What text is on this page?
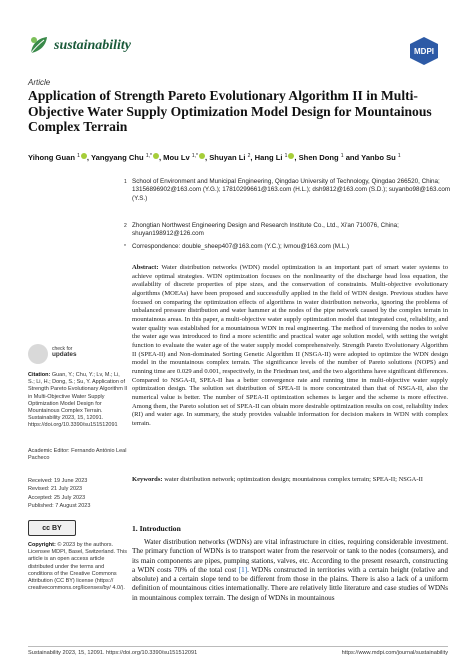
sustainability	MDPI
Article
Application of Strength Pareto Evolutionary Algorithm II in Multi-Objective Water Supply Optimization Model Design for Mountainous Complex Terrain
Yihong Guan $^1$ , Yangyang Chu $^{1,*}$ , Mou Lv $^{1,*}$ , Shuyan Li $^2$, Hang Li $^1$ , Shen Dong $^1$ and Yanbo Su $^1$
1 School of Environment and Municipal Engineering, Qingdao University of Technology, Qingdao 266520, China; 13156896902@163.com (Y.G.); 17810299661@163.com (H.L.); dsh9812@163.com (S.D.); suyanbo98@163.com (Y.S.)
2 Zhongtian Northwest Engineering Design and Research Institute Co., Ltd., Xi'an 710076, China; shuyan198912@126.com
* Correspondence: double_sheep407@163.com (Y.C.); lvmou@163.com (M.L.)
Abstract: Water distribution networks (WDN) model optimization is an important part of smart water systems to achieve optimal strategies. WDN optimization focuses on the nonlinearity of the discharge head loss equation, the availability of discrete properties of pipe sizes, and the conservation of constraints. Multi-objective evolutionary algorithms (MOEAs) have been proposed and successfully applied in the field of WDN design. Previous studies have focused on comparing the optimization effects of algorithms in water distribution networks, ignoring the problems of unbalanced pressure distribution and water hammer at the nodes of the pipe network caused by the complex terrain in mountainous areas. In this paper, a multi-objective water supply optimization model that integrated cost, reliability, and water quality was established for a mountainous WDN in real engineering. The method of traversing the nodes to solve the water age was introduced to find a more scientific and practical water age solution model, with setting the weight function to evaluate the water age of the water supply model comprehensively. Strength Pareto Evolutionary Algorithm II (SPEA-II) and Non-dominated Sorting Genetic Algorithm II (NSGA-II) were adopted to optimize the WDN design model in the mountainous complex terrain. The significance levels of the number of Pareto solutions (NOPS) and running time are 0.029 and 0.001, respectively, in the Friedman test, and the two algorithms have significant differences. Compared to NSGA-II, SPEA-II has a better convergence rate and running time in multi-objective water supply optimization design. The solution set distribution of SPEA-II is more concentrated than that of NSGA-II, also the numerical value is better. The number of SPEA-II optimization schemes is larger and the scheme is more effective. Among them, the Pareto solution set of SPEA-II can obtain more desirable optimization results on cost, reliability index (RI) and water age. In summary, the study provides valuable information for decision makers in WDN with complex terrain.
Keywords: water distribution network; optimization design; mountainous complex terrain; SPEA-II; NSGA-II
1. Introduction
Water distribution networks (WDNs) are vital infrastructure in cities, requiring considerable investment. The primary function of WDNs is to transport water from the reservoir or tank to the nodes (consumers), and its main components are pipes, pumping stations, valves, etc. According to the present research, constructing a WDN costs 70% of the total cost [1]. WDNs constructed in territories with a certain height (relative and absolute) and a certain slope tend to be different from those in the plains. There is also a lack of a uniform definition of mountainous cities internationally. There are relatively little literature and case studies of WDNs in mountainous complex terrain. The design of WDNs in mountainous
check for
updates
Citation: Guan, Y.; Chu, Y.; Lv, M.; Li, S.; Li, H.; Dong, S.; Su, Y. Application of Strength Pareto Evolutionary Algorithm II in Multi-Objective Water Supply Optimization Model Design for Mountainous Complex Terrain. Sustainability 2023, 15, 12091. https://doi.org/10.3390/su151512091
Academic Editor: Fernando António Leal Pacheco
Received: 19 June 2023
Revised: 21 July 2023
Accepted: 25 July 2023
Published: 7 August 2023
cc BY
Copyright: © 2023 by the authors. Licensee MDPI, Basel, Switzerland. This article is an open access article distributed under the terms and conditions of the Creative Commons Attribution (CC BY) license (https:// creativecommons.org/licenses/by/ 4.0/).
Sustainability 2023, 15, 12091. https://doi.org/10.3390/su151512091	https://www.mdpi.com/journal/sustainability
